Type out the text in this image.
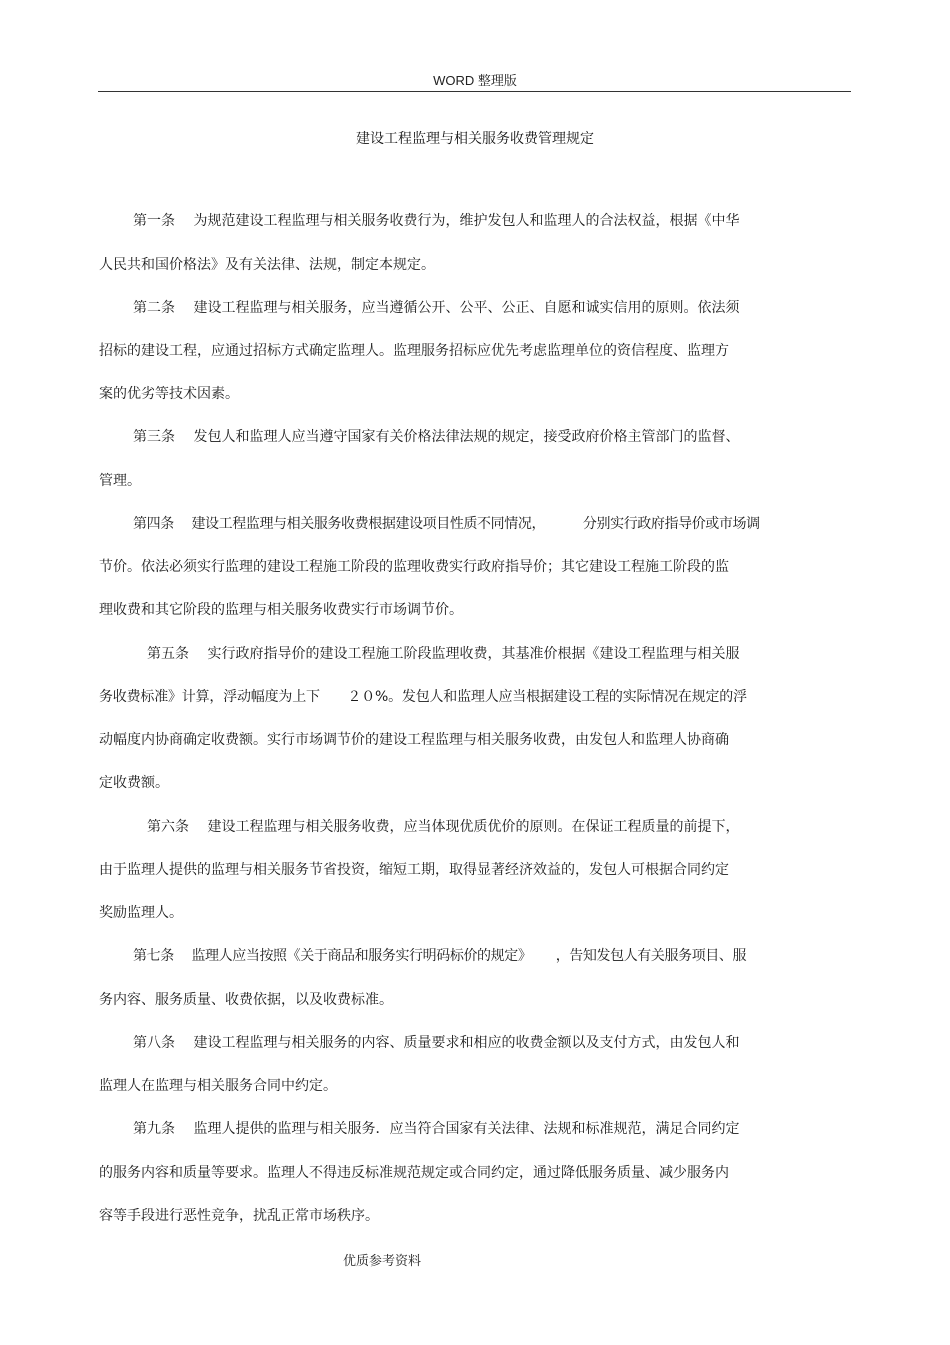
WORD 整理版
建设工程监理与相关服务收费管理规定
第一条　 为规范建设工程监理与相关服务收费行为，维护发包人和监理人的合法权益，根据《中华
人民共和国价格法》及有关法律、法规，制定本规定。
第二条　 建设工程监理与相关服务，应当遵循公开、公平、公正、自愿和诚实信用的原则。依法须
招标的建设工程，应通过招标方式确定监理人。监理服务招标应优先考虑监理单位的资信程度、监理方
案的优劣等技术因素。
第三条　 发包人和监理人应当遵守国家有关价格法律法规的规定，接受政府价格主管部门的监督、
管理。
第四条　 建设工程监理与相关服务收费根据建设项目性质不同情况，　　　 分别实行政府指导价或市场调
节价。依法必须实行监理的建设工程施工阶段的监理收费实行政府指导价；其它建设工程施工阶段的监
理收费和其它阶段的监理与相关服务收费实行市场调节价。
第五条　 实行政府指导价的建设工程施工阶段监理收费，其基准价根据《建设工程监理与相关服
务收费标准》计算，浮动幅度为上下　　２０%。发包人和监理人应当根据建设工程的实际情况在规定的浮
动幅度内协商确定收费额。实行市场调节价的建设工程监理与相关服务收费，由发包人和监理人协商确
定收费额。
第六条　 建设工程监理与相关服务收费，应当体现优质优价的原则。在保证工程质量的前提下，
由于监理人提供的监理与相关服务节省投资，缩短工期，取得显著经济效益的，发包人可根据合同约定
奖励监理人。
第七条　 监理人应当按照《关于商品和服务实行明码标价的规定》　　 ，告知发包人有关服务项目、服
务内容、服务质量、收费依据，以及收费标准。
第八条　 建设工程监理与相关服务的内容、质量要求和相应的收费金额以及支付方式，由发包人和
监理人在监理与相关服务合同中约定。
第九条　 监理人提供的监理与相关服务．应当符合国家有关法律、法规和标准规范，满足合同约定
的服务内容和质量等要求。监理人不得违反标准规范规定或合同约定，通过降低服务质量、减少服务内
容等手段进行恶性竞争，扰乱正常市场秩序。
优质参考资料
